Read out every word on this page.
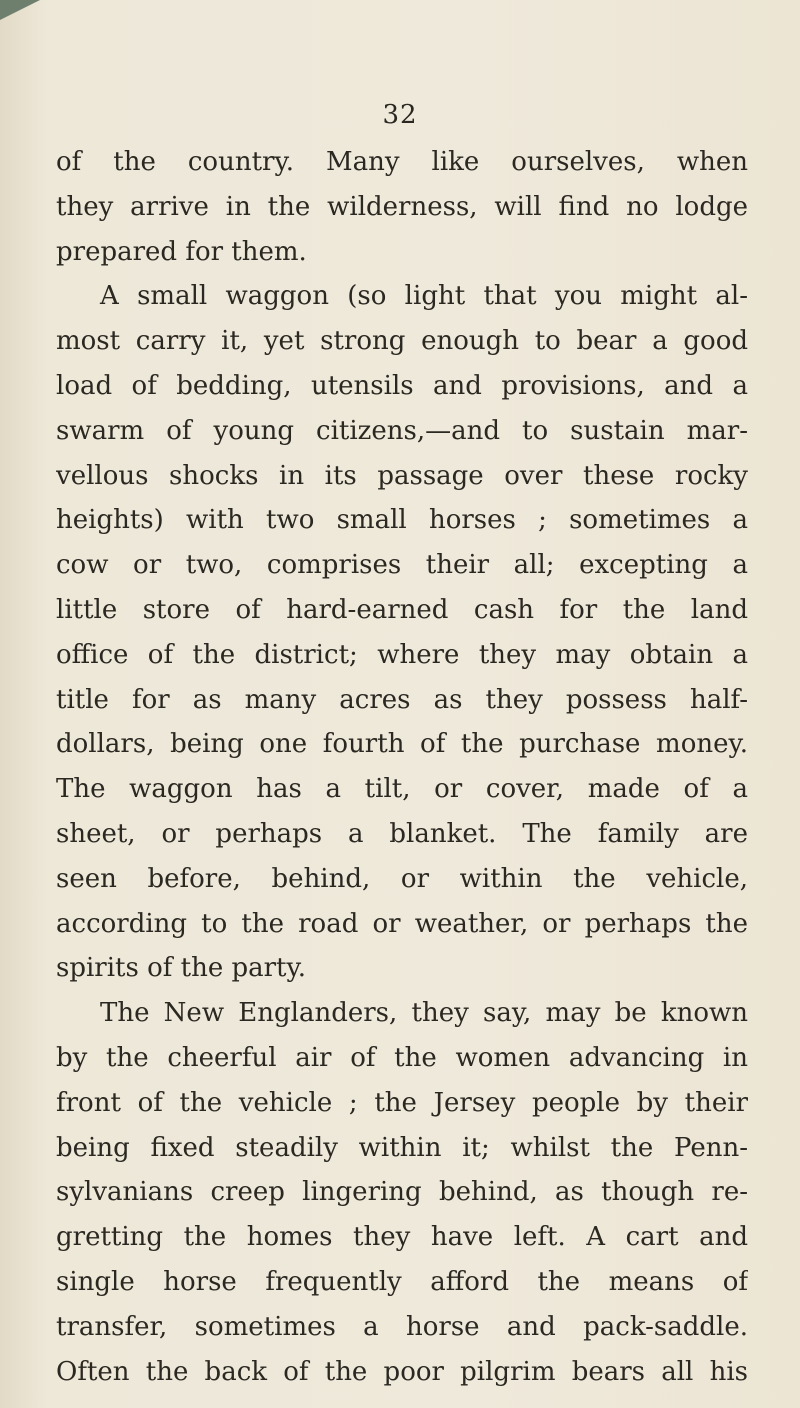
32
of the country. Many like ourselves, when
they arrive in the wilderness, will find no lodge
prepared for them.
A small waggon (so light that you might al-
most carry it, yet strong enough to bear a good
load of bedding, utensils and provisions, and a
swarm of young citizens,—and to sustain mar-
vellous shocks in its passage over these rocky
heights) with two small horses ; sometimes a
cow or two, comprises their all; excepting a
little store of hard-earned cash for the land
office of the district; where they may obtain a
title for as many acres as they possess half-
dollars, being one fourth of the purchase money.
The waggon has a tilt, or cover, made of a
sheet, or perhaps a blanket. The family are
seen before, behind, or within the vehicle,
according to the road or weather, or perhaps the
spirits of the party.
The New Englanders, they say, may be known
by the cheerful air of the women advancing in
front of the vehicle ; the Jersey people by their
being fixed steadily within it; whilst the Penn-
sylvanians creep lingering behind, as though re-
gretting the homes they have left. A cart and
single horse frequently afford the means of
transfer, sometimes a horse and pack-saddle.
Often the back of the poor pilgrim bears all his
